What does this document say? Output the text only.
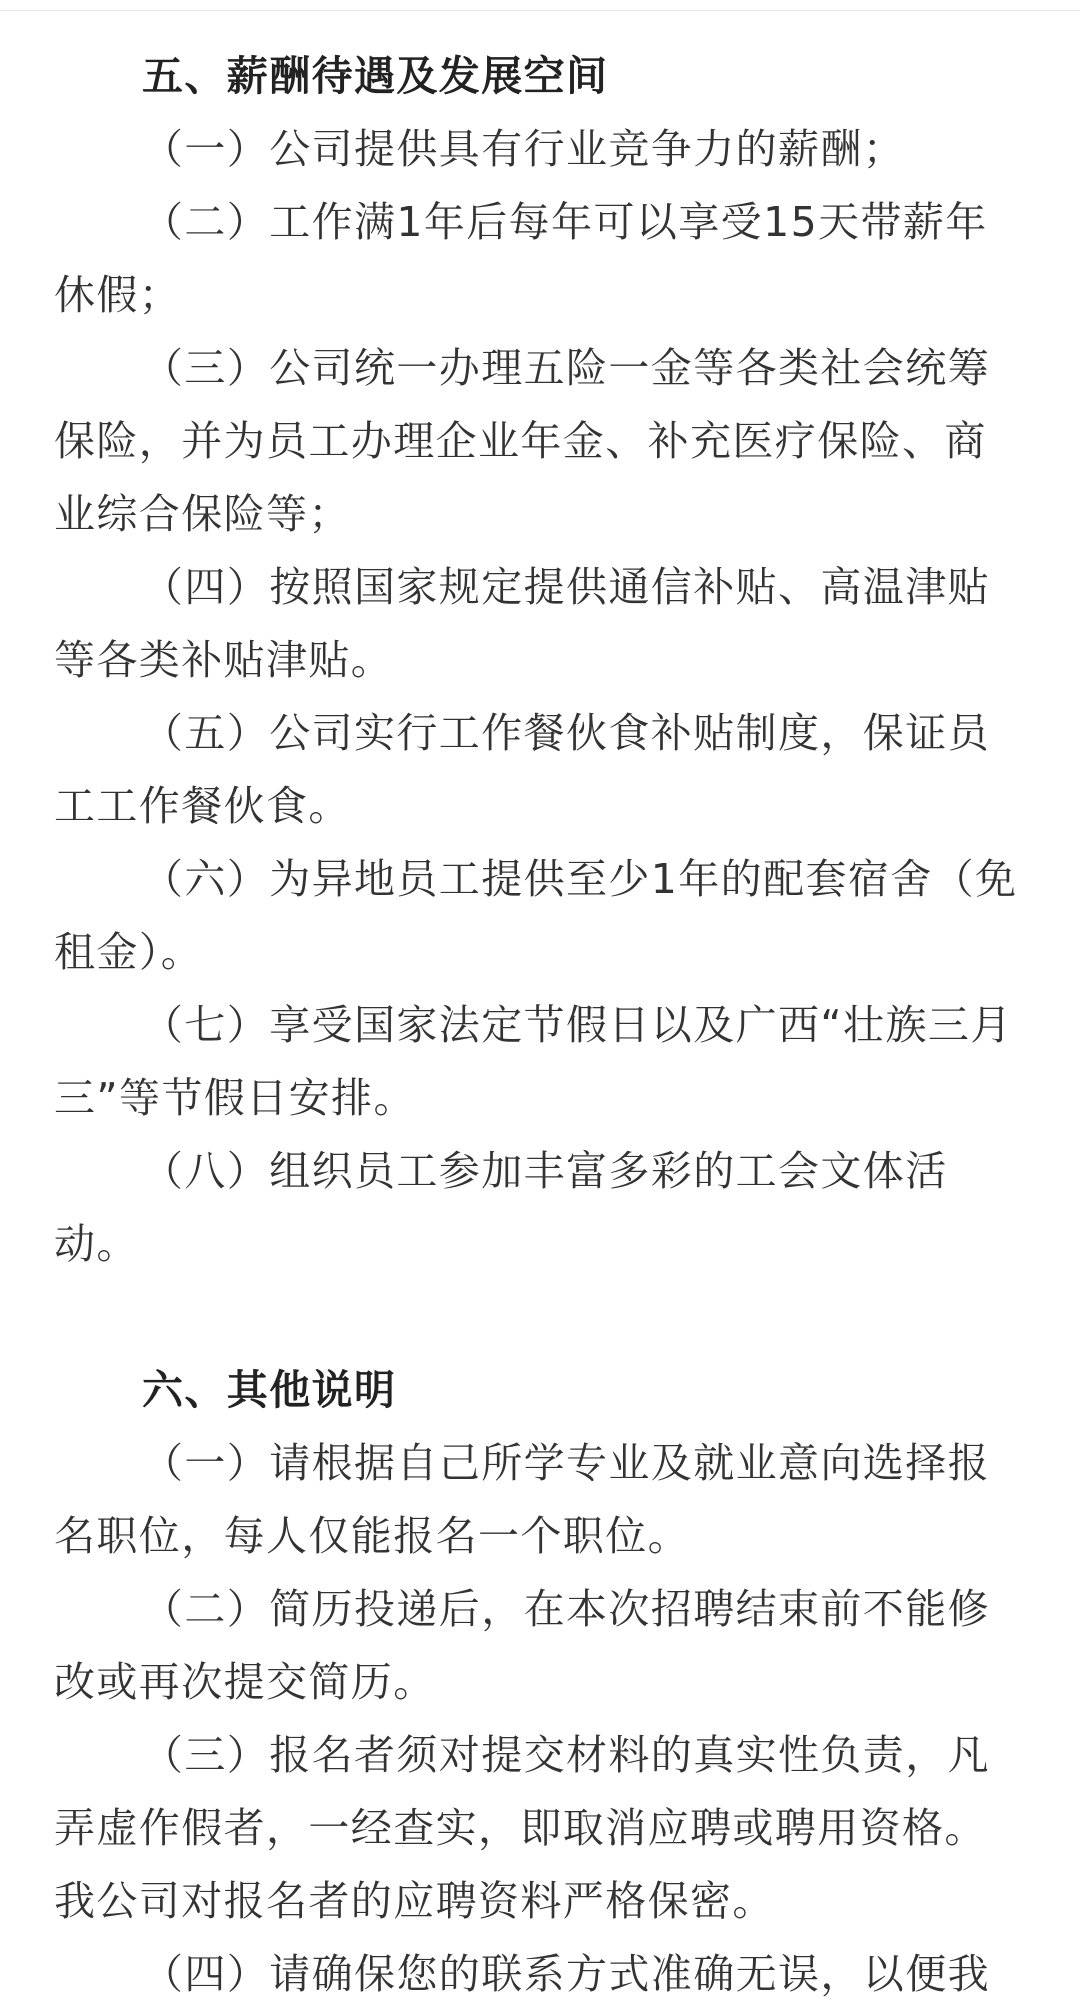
五、薪酬待遇及发展空间

（一）公司提供具有行业竞争力的薪酬；

（二）工作满1年后每年可以享受15天带薪年休假；

（三）公司统一办理五险一金等各类社会统筹保险，并为员工办理企业年金、补充医疗保险、商业综合保险等；

（四）按照国家规定提供通信补贴、高温津贴等各类补贴津贴。

（五）公司实行工作餐伙食补贴制度，保证员工工作餐伙食。

（六）为异地员工提供至少1年的配套宿舍（免租金）。

（七）享受国家法定节假日以及广西“壮族三月三”等节假日安排。

（八）组织员工参加丰富多彩的工会文体活动。

六、其他说明

（一）请根据自己所学专业及就业意向选择报名职位，每人仅能报名一个职位。

（二）简历投递后，在本次招聘结束前不能修改或再次提交简历。

（三）报名者须对提交材料的真实性负责，凡弄虚作假者，一经查实，即取消应聘或聘用资格。我公司对报名者的应聘资料严格保密。

（四）请确保您的联系方式准确无误，以便我
